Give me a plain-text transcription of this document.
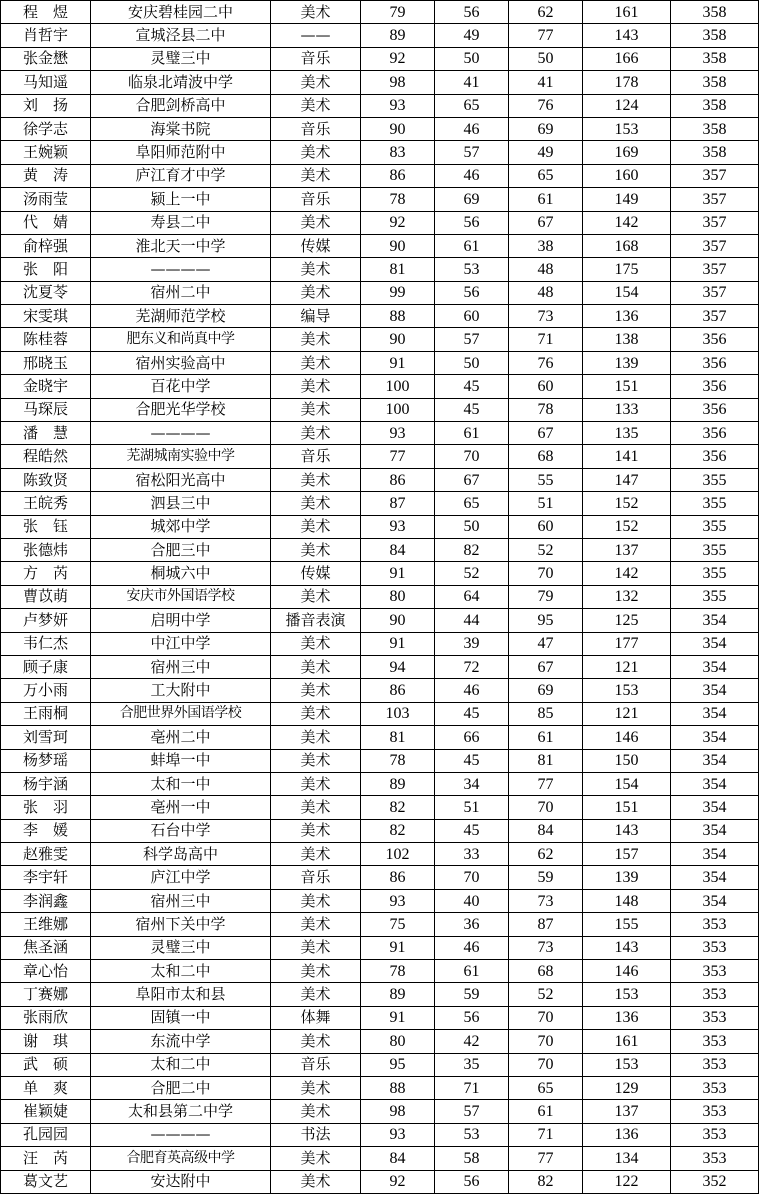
程　煜	安庆碧桂园二中	美术	79	56	62	161	358
肖哲宇	宣城泾县二中	——	89	49	77	143	358
张金懋	灵璧三中	音乐	92	50	50	166	358
马知遥	临泉北靖波中学	美术	98	41	41	178	358
刘　扬	合肥剑桥高中	美术	93	65	76	124	358
徐学志	海棠书院	音乐	90	46	69	153	358
王婉颖	阜阳师范附中	美术	83	57	49	169	358
黄　涛	庐江育才中学	美术	86	46	65	160	357
汤雨莹	颍上一中	音乐	78	69	61	149	357
代　婧	寿县二中	美术	92	56	67	142	357
俞梓强	淮北天一中学	传媒	90	61	38	168	357
张　阳	————	美术	81	53	48	175	357
沈夏苓	宿州二中	美术	99	56	48	154	357
宋雯琪	芜湖师范学校	编导	88	60	73	136	357
陈桂蓉	肥东义和尚真中学	美术	90	57	71	138	356
邢晓玉	宿州实验高中	美术	91	50	76	139	356
金晓宇	百花中学	美术	100	45	60	151	356
马琛辰	合肥光华学校	美术	100	45	78	133	356
潘　慧	————	美术	93	61	67	135	356
程皓然	芜湖城南实验中学	音乐	77	70	68	141	356
陈致贤	宿松阳光高中	美术	86	67	55	147	355
王皖秀	泗县三中	美术	87	65	51	152	355
张　钰	城郊中学	美术	93	50	60	152	355
张德炜	合肥三中	美术	84	82	52	137	355
方　芮	桐城六中	传媒	91	52	70	142	355
曹苡萌	安庆市外国语学校	美术	80	64	79	132	355
卢梦妍	启明中学	播音表演	90	44	95	125	354
韦仁杰	中江中学	美术	91	39	47	177	354
顾子康	宿州三中	美术	94	72	67	121	354
万小雨	工大附中	美术	86	46	69	153	354
王雨桐	合肥世界外国语学校	美术	103	45	85	121	354
刘雪珂	亳州二中	美术	81	66	61	146	354
杨梦瑶	蚌埠一中	美术	78	45	81	150	354
杨宇涵	太和一中	美术	89	34	77	154	354
张　羽	亳州一中	美术	82	51	70	151	354
李　媛	石台中学	美术	82	45	84	143	354
赵雅雯	科学岛高中	美术	102	33	62	157	354
李宇轩	庐江中学	音乐	86	70	59	139	354
李润鑫	宿州三中	美术	93	40	73	148	354
王维娜	宿州下关中学	美术	75	36	87	155	353
焦圣涵	灵璧三中	美术	91	46	73	143	353
章心怡	太和二中	美术	78	61	68	146	353
丁赛娜	阜阳市太和县	美术	89	59	52	153	353
张雨欣	固镇一中	体舞	91	56	70	136	353
谢　琪	东流中学	美术	80	42	70	161	353
武　硕	太和二中	音乐	95	35	70	153	353
单　爽	合肥二中	美术	88	71	65	129	353
崔颖婕	太和县第二中学	美术	98	57	61	137	353
孔园园	————	书法	93	53	71	136	353
汪　芮	合肥育英高级中学	美术	84	58	77	134	353
葛文艺	安达附中	美术	92	56	82	122	352
